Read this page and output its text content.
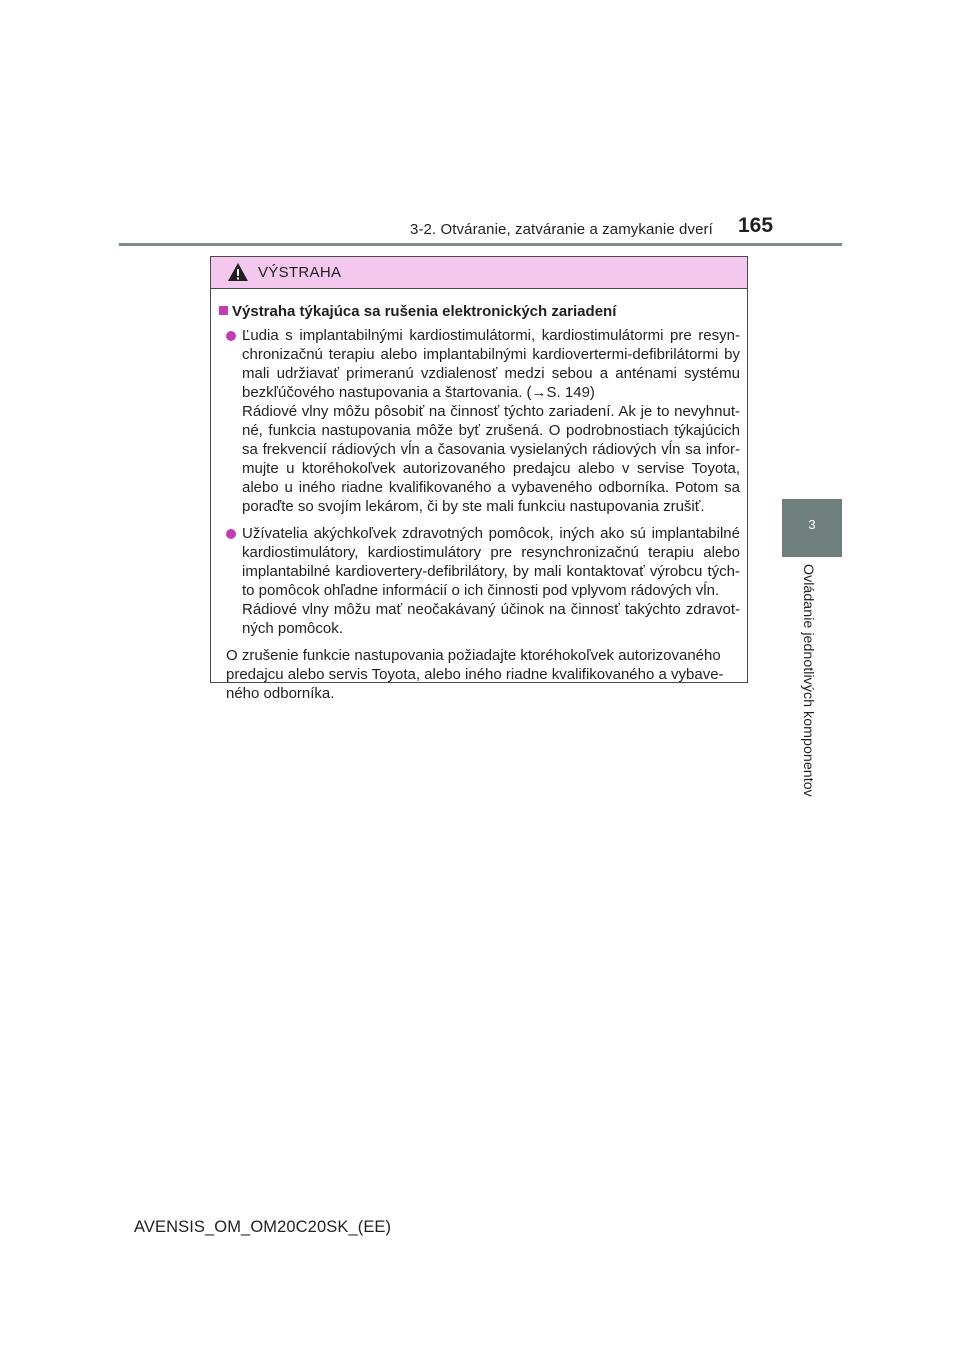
3-2. Otváranie, zatváranie a zamykanie dverí 165
3
Ovládanie jednotlivých komponentov
VÝSTRAHA
Výstraha týkajúca sa rušenia elektronických zariadení
Ľudia s implantabilnými kardiostimulátormi, kardiostimulátormi pre resyn-
chronizačnú terapiu alebo implantabilnými kardiovertermi-defibrilátormi by
mali udržiavať primeranú vzdialenosť medzi sebou a anténami systému
bezkľúčového nastupovania a štartovania. (→S. 149)
Rádiové vlny môžu pôsobiť na činnosť týchto zariadení. Ak je to nevyhnut-
né, funkcia nastupovania môže byť zrušená. O podrobnostiach týkajúcich
sa frekvencií rádiových vĺn a časovania vysielaných rádiových vĺn sa infor-
mujte u ktoréhokoľvek autorizovaného predajcu alebo v servise Toyota,
alebo u iného riadne kvalifikovaného a vybaveného odborníka. Potom sa
poraďte so svojím lekárom, či by ste mali funkciu nastupovania zrušiť.
Užívatelia akýchkoľvek zdravotných pomôcok, iných ako sú implantabilné
kardiostimulátory, kardiostimulátory pre resynchronizačnú terapiu alebo
implantabilné kardiovertery-defibrilátory, by mali kontaktovať výrobcu tých-
to pomôcok ohľadne informácií o ich činnosti pod vplyvom rádových vĺn.
Rádiové vlny môžu mať neočakávaný účinok na činnosť takýchto zdravot-
ných pomôcok.
O zrušenie funkcie nastupovania požiadajte ktoréhokoľvek autorizovaného
predajcu alebo servis Toyota, alebo iného riadne kvalifikovaného a vybave-
ného odborníka.
AVENSIS_OM_OM20C20SK_(EE)
